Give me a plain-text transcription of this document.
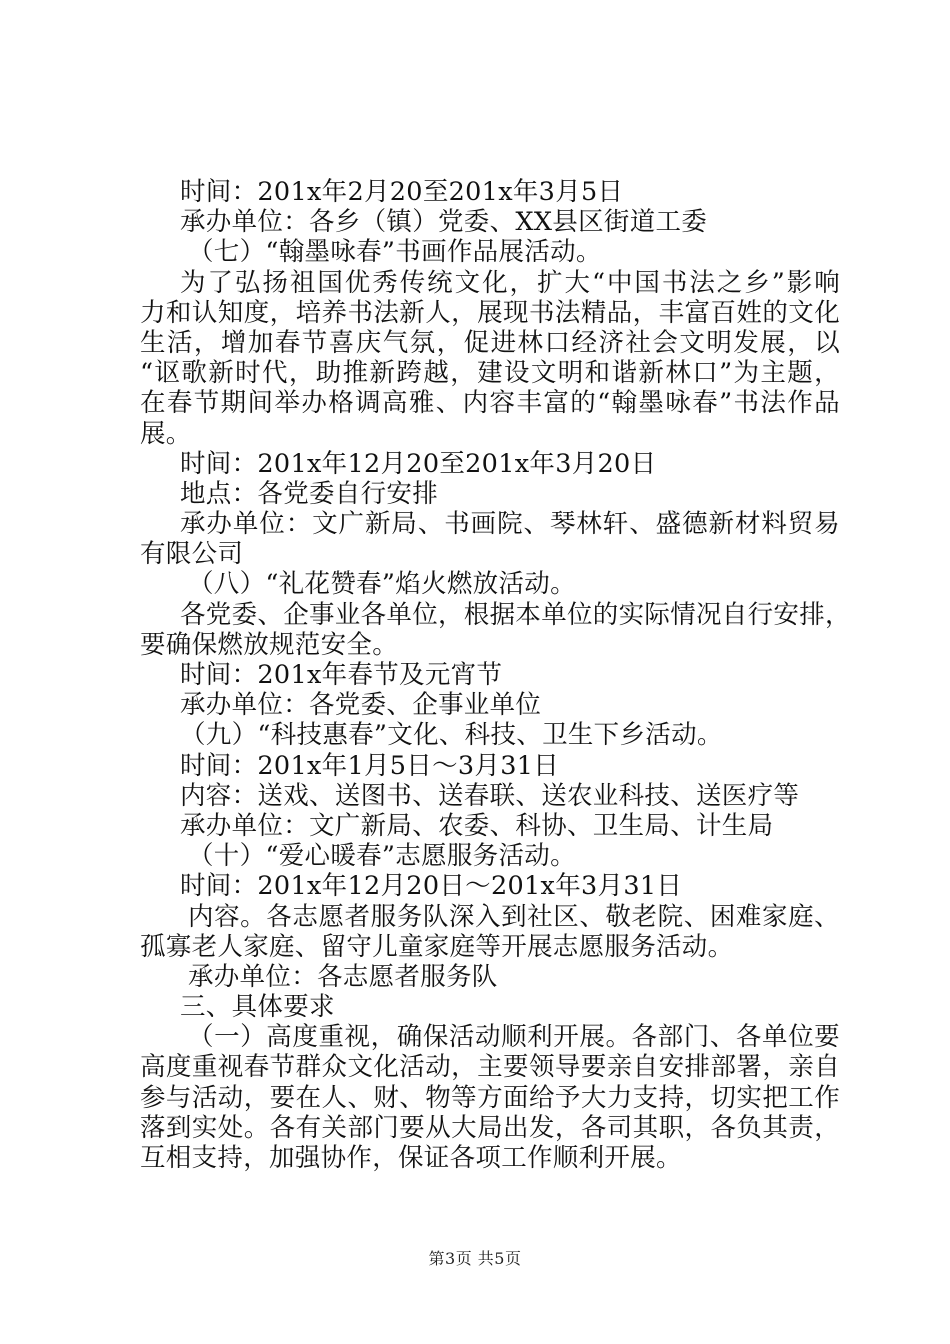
时间：201x年2月20至201x年3月5日
承办单位：各乡（镇）党委、XX县区街道工委
（七）“翰墨咏春”书画作品展活动。
为了弘扬祖国优秀传统文化，扩大“中国书法之乡”影响
力和认知度，培养书法新人，展现书法精品，丰富百姓的文化
生活，增加春节喜庆气氛，促进林口经济社会文明发展，以
“讴歌新时代，助推新跨越，建设文明和谐新林口”为主题，
在春节期间举办格调高雅、内容丰富的“翰墨咏春”书法作品
展。
时间：201x年12月20至201x年3月20日
地点：各党委自行安排
承办单位：文广新局、书画院、琴林轩、盛德新材料贸易
有限公司
（八）“礼花赞春”焰火燃放活动。
各党委、企事业各单位，根据本单位的实际情况自行安排，
要确保燃放规范安全。
时间：201x年春节及元宵节
承办单位：各党委、企事业单位
（九）“科技惠春”文化、科技、卫生下乡活动。
时间：201x年1月5日～3月31日
内容：送戏、送图书、送春联、送农业科技、送医疗等
承办单位：文广新局、农委、科协、卫生局、计生局
（十）“爱心暖春”志愿服务活动。
时间：201x年12月20日～201x年3月31日
内容。各志愿者服务队深入到社区、敬老院、困难家庭、
孤寡老人家庭、留守儿童家庭等开展志愿服务活动。
承办单位：各志愿者服务队
三、具体要求
（一）高度重视，确保活动顺利开展。各部门、各单位要
高度重视春节群众文化活动，主要领导要亲自安排部署，亲自
参与活动，要在人、财、物等方面给予大力支持，切实把工作
落到实处。各有关部门要从大局出发，各司其职，各负其责，
互相支持，加强协作，保证各项工作顺利开展。
第3页 共5页
